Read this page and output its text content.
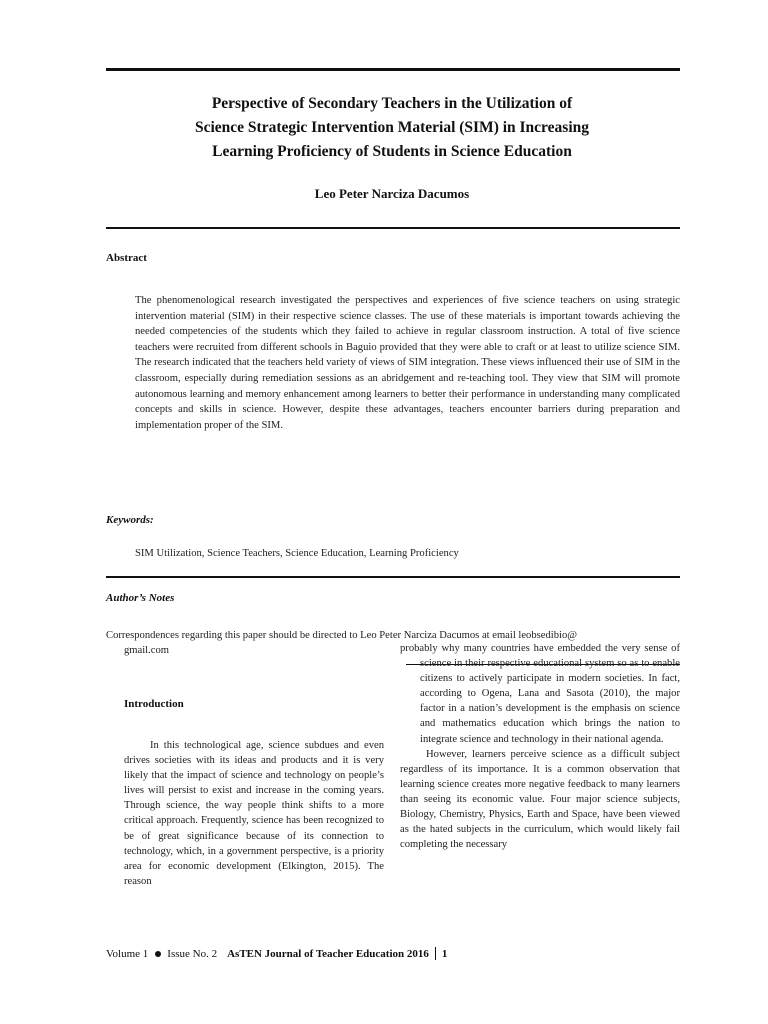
Perspective of Secondary Teachers in the Utilization of
Science Strategic Intervention Material (SIM) in Increasing
Learning Proficiency of Students in Science Education
Leo Peter Narciza Dacumos
Abstract
The phenomenological research investigated the perspectives and experiences of five science teachers on using strategic intervention material (SIM) in their respective science classes. The use of these materials is important towards achieving the needed competencies of the students which they failed to achieve in regular classroom instruction. A total of five science teachers were recruited from different schools in Baguio provided that they were able to craft or at least to utilize science SIM. The research indicated that the teachers held variety of views of SIM integration. These views influenced their use of SIM in the classroom, especially during remediation sessions as an abridgement and re-teaching tool. They view that SIM will promote autonomous learning and memory enhancement among learners to better their performance in understanding many complicated concepts and skills in science. However, despite these advantages, teachers encounter barriers during preparation and implementation proper of the SIM.
Keywords:
SIM Utilization, Science Teachers, Science Education, Learning Proficiency
Author’s Notes
Correspondences regarding this paper should be directed to Leo Peter Narciza Dacumos at email leobsedibio@
gmail.com
Introduction

In this technological age, science subdues and even drives societies with its ideas and products and it is very likely that the impact of science and technology on people’s lives will persist to exist and increase in the coming years. Through science, the way people think shifts to a more critical approach. Frequently, science has been recognized to be of great significance because of its connection to technology, which, in a government perspective, is a priority area for economic development (Elkington, 2015). The reason

probably why many countries have embedded the very sense of science in their respective educational system so as to enable citizens to actively participate in modern societies. In fact, according to Ogena, Lana and Sasota (2010), the major factor in a nation’s development is the emphasis on science and mathematics education which brings the nation to integrate science and technology in their national agenda.

However, learners perceive science as a difficult subject regardless of its importance. It is a common observation that learning science creates more negative feedback to many learners than seeing its economic value. Four major science subjects, Biology, Chemistry, Physics, Earth and Space, have been viewed as the hated subjects in the curriculum, which would likely fail completing the necessary

Volume 1 Issue No. 2 AsTEN Journal of Teacher Education 2016 1
